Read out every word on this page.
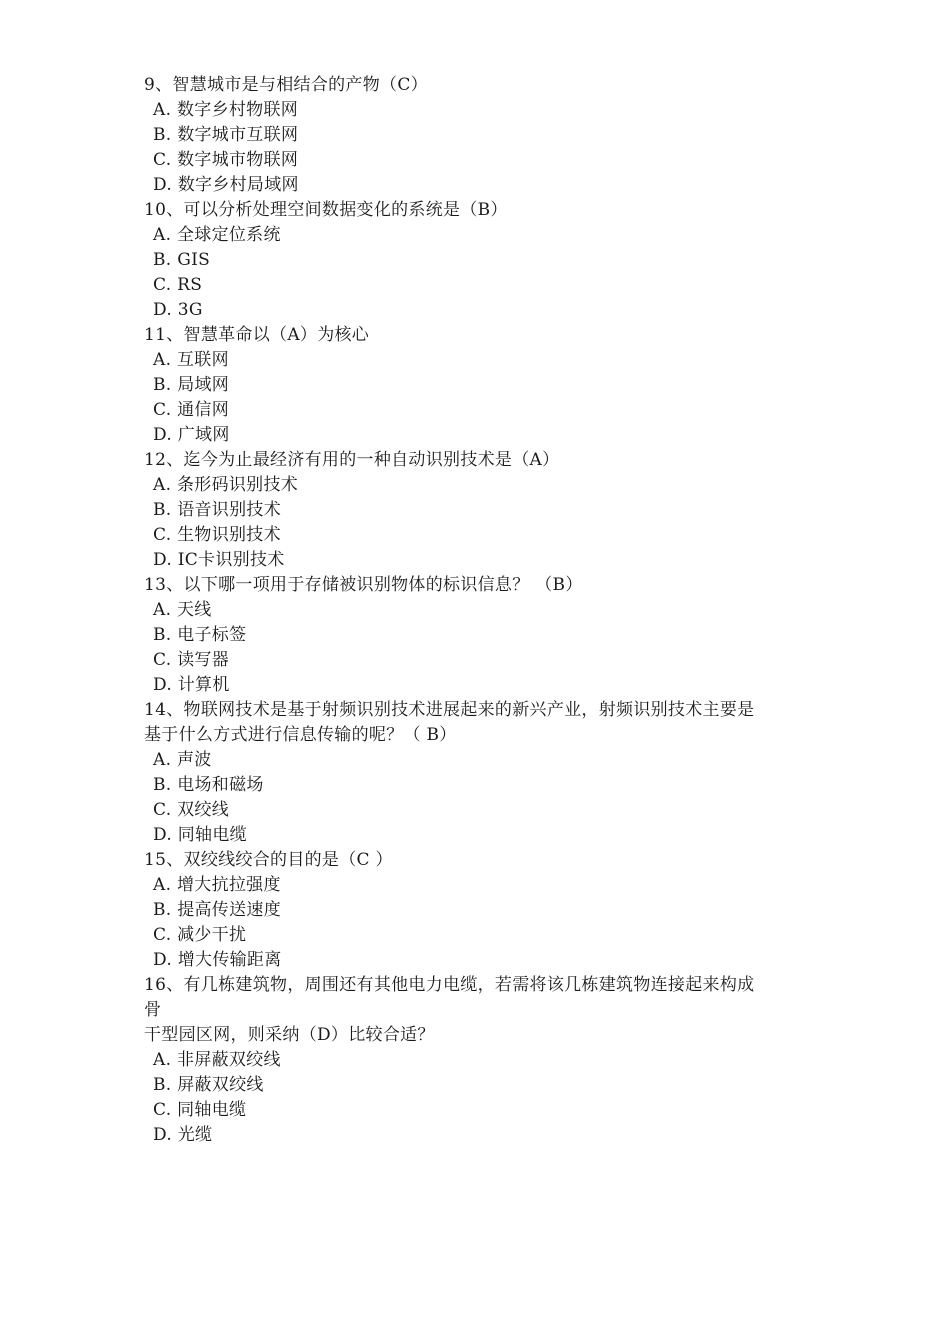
9、智慧城市是与相结合的产物（C）
A. 数字乡村物联网
B. 数字城市互联网
C. 数字城市物联网
D. 数字乡村局域网
10、可以分析处理空间数据变化的系统是（B）
A. 全球定位系统
B. GIS
C. RS
D. 3G
11、智慧革命以（A）为核心
A. 互联网
B. 局域网
C. 通信网
D. 广域网
12、迄今为止最经济有用的一种自动识别技术是（A）
A. 条形码识别技术
B. 语音识别技术
C. 生物识别技术
D. IC卡识别技术
13、以下哪一项用于存储被识别物体的标识信息？ （B）
A. 天线
B. 电子标签
C. 读写器
D. 计算机
14、物联网技术是基于射频识别技术进展起来的新兴产业，射频识别技术主要是
基于什么方式进行信息传输的呢？（ B）
A. 声波
B. 电场和磁场
C. 双绞线
D. 同轴电缆
15、双绞线绞合的目的是（C ）
A. 增大抗拉强度
B. 提高传送速度
C. 减少干扰
D. 增大传输距离
16、有几栋建筑物，周围还有其他电力电缆，若需将该几栋建筑物连接起来构成
骨
干型园区网，则采纳（D）比较合适？
A. 非屏蔽双绞线
B. 屏蔽双绞线
C. 同轴电缆
D. 光缆
